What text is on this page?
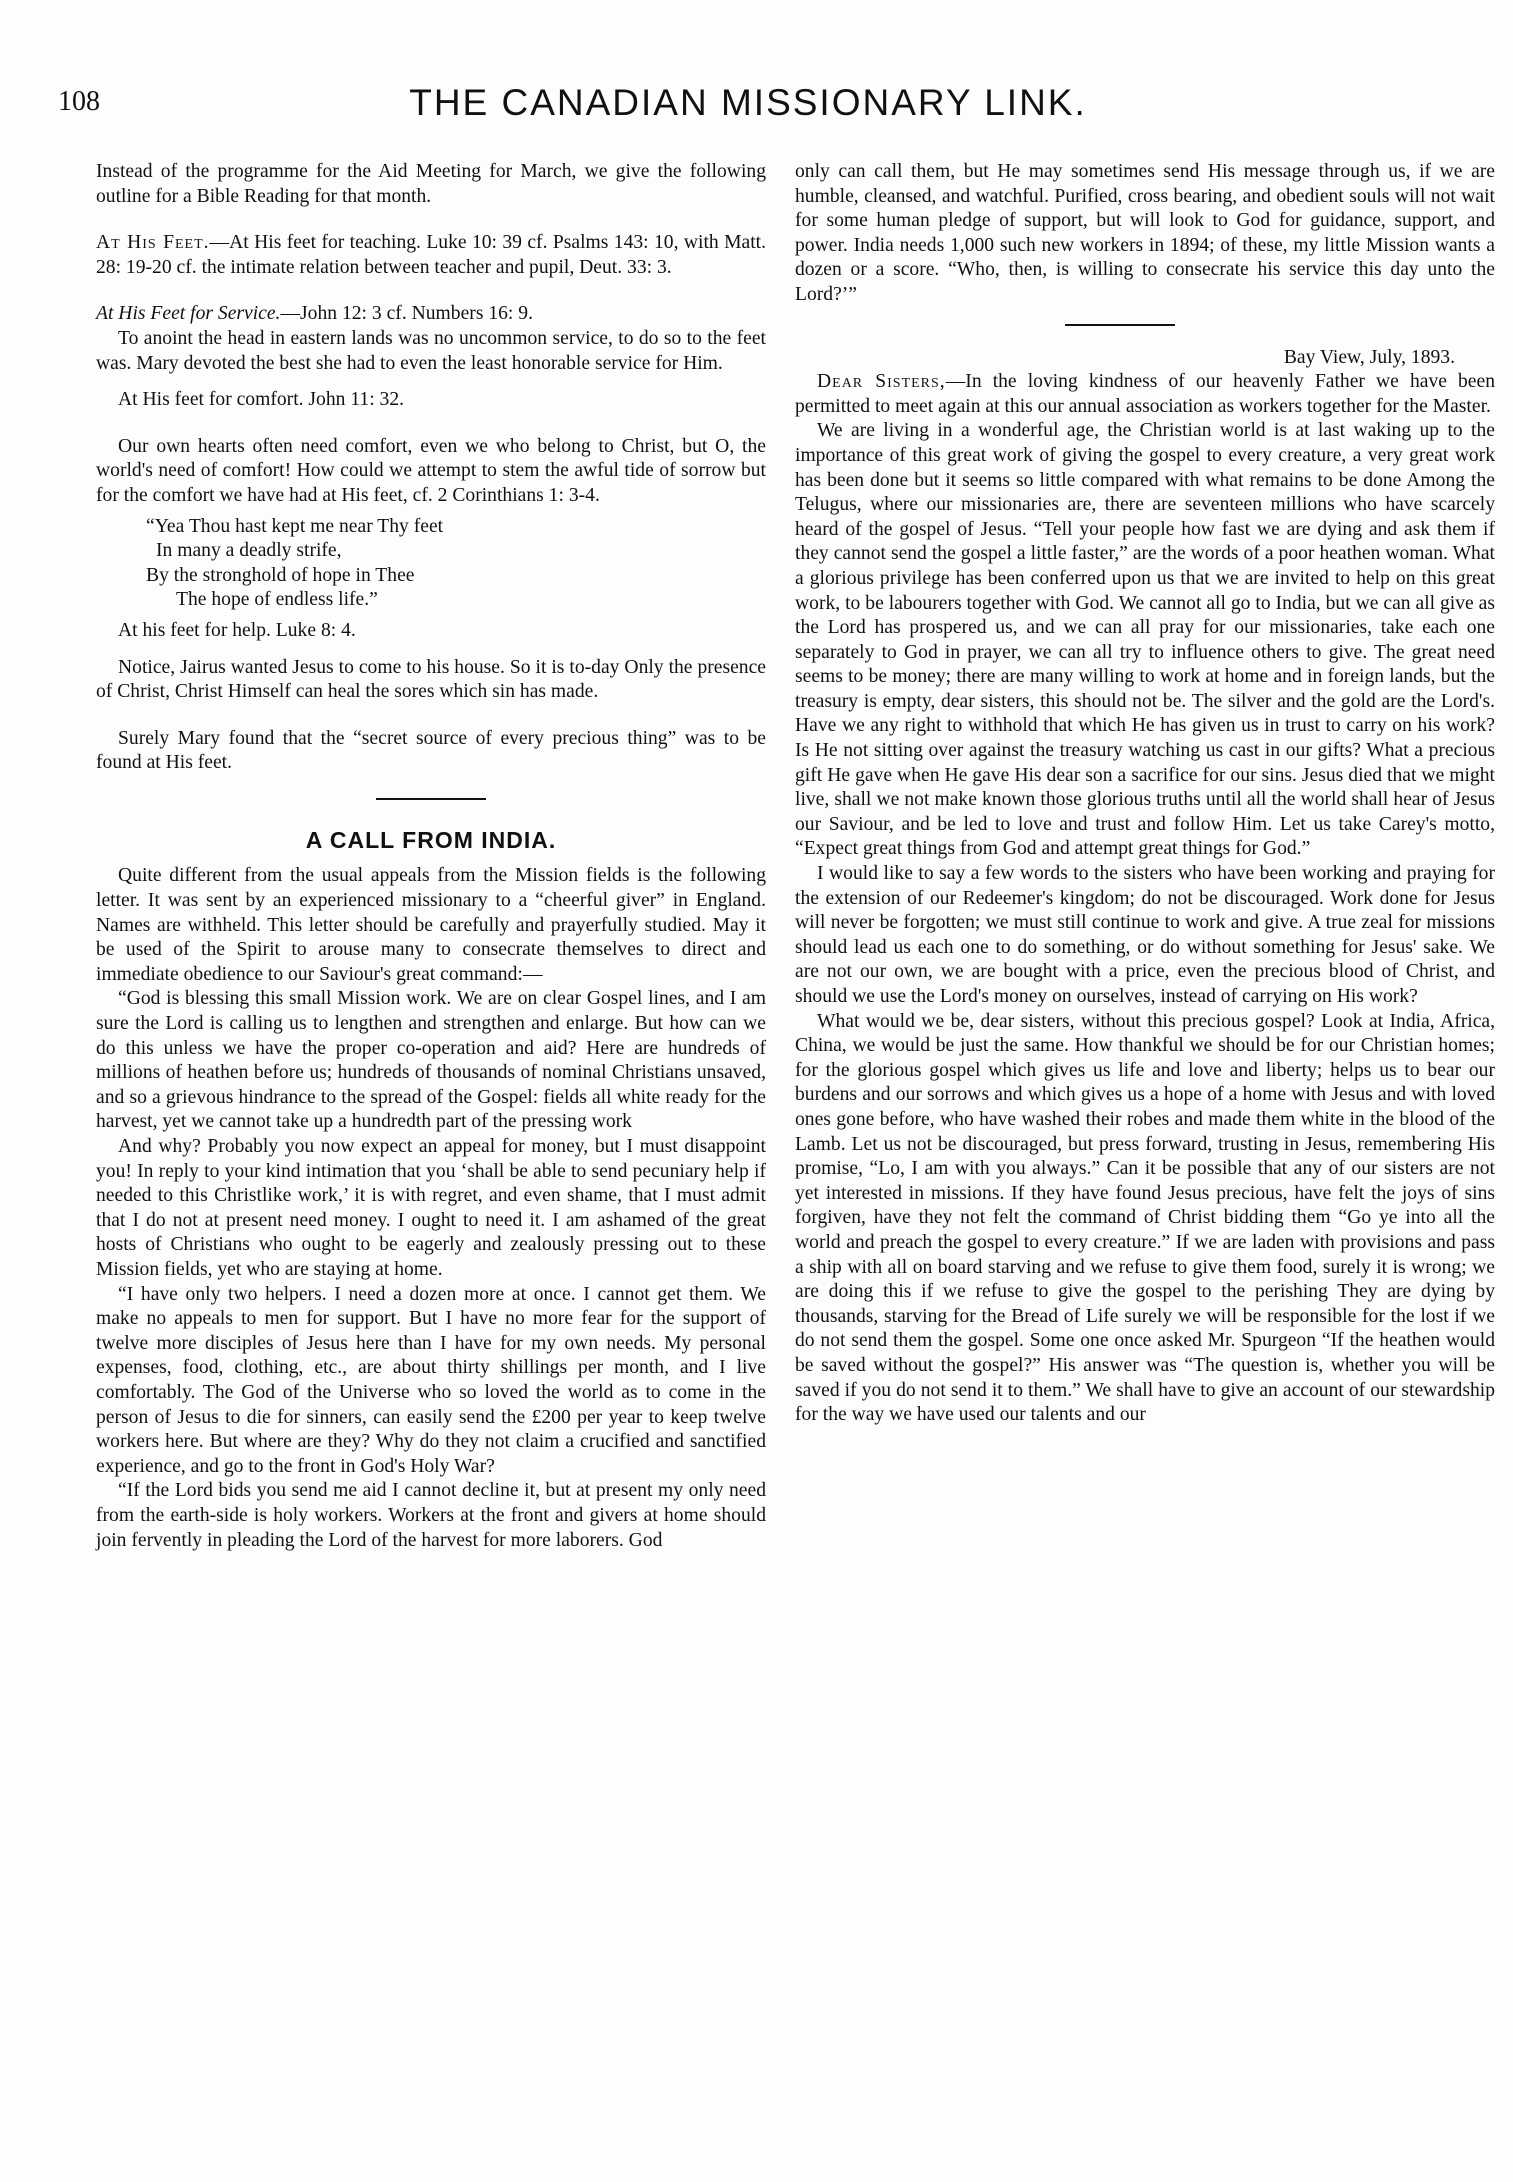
108	THE CANADIAN MISSIONARY LINK.

Instead of the programme for the Aid Meeting for March, we give the following outline for a Bible Reading for that month.

At His Feet.—At His feet for teaching. Luke 10: 39 cf. Psalms 143: 10, with Matt. 28: 19-20 cf. the intimate relation between teacher and pupil, Deut. 33: 3.

At His Feet for Service.—John 12: 3 cf. Numbers 16: 9.

To anoint the head in eastern lands was no uncommon service, to do so to the feet was. Mary devoted the best she had to even the least honorable service for Him.

At His feet for comfort. John 11: 32.

Our own hearts often need comfort, even we who belong to Christ, but O, the world's need of comfort! How could we attempt to stem the awful tide of sorrow but for the comfort we have had at His feet, cf. 2 Corinthians 1: 3-4.

“Yea Thou hast kept me near Thy feet
In many a deadly strife,
By the stronghold of hope in Thee
The hope of endless life.”

At his feet for help. Luke 8: 4.

Notice, Jairus wanted Jesus to come to his house. So it is to-day Only the presence of Christ, Christ Himself can heal the sores which sin has made.

Surely Mary found that the “secret source of every precious thing” was to be found at His feet.

A CALL FROM INDIA.

Quite different from the usual appeals from the Mission fields is the following letter. It was sent by an experienced missionary to a “cheerful giver” in England. Names are withheld. This letter should be carefully and prayerfully studied. May it be used of the Spirit to arouse many to consecrate themselves to direct and immediate obedience to our Saviour's great command:—

“God is blessing this small Mission work. We are on clear Gospel lines, and I am sure the Lord is calling us to lengthen and strengthen and enlarge. But how can we do this unless we have the proper co-operation and aid? Here are hundreds of millions of heathen before us; hundreds of thousands of nominal Christians unsaved, and so a grievous hindrance to the spread of the Gospel: fields all white ready for the harvest, yet we cannot take up a hundredth part of the pressing work

And why? Probably you now expect an appeal for money, but I must disappoint you! In reply to your kind intimation that you ‘shall be able to send pecuniary help if needed to this Christlike work,’ it is with regret, and even shame, that I must admit that I do not at present need money. I ought to need it. I am ashamed of the great hosts of Christians who ought to be eagerly and zealously pressing out to these Mission fields, yet who are staying at home.

“I have only two helpers. I need a dozen more at once. I cannot get them. We make no appeals to men for support. But I have no more fear for the support of twelve more disciples of Jesus here than I have for my own needs. My personal expenses, food, clothing, etc., are about thirty shillings per month, and I live comfortably. The God of the Universe who so loved the world as to come in the person of Jesus to die for sinners, can easily send the £200 per year to keep twelve workers here. But where are they? Why do they not claim a crucified and sanctified experience, and go to the front in God's Holy War?

“If the Lord bids you send me aid I cannot decline it, but at present my only need from the earth-side is holy workers. Workers at the front and givers at home should join fervently in pleading the Lord of the harvest for more laborers. God

only can call them, but He may sometimes send His message through us, if we are humble, cleansed, and watchful. Purified, cross bearing, and obedient souls will not wait for some human pledge of support, but will look to God for guidance, support, and power. India needs 1,000 such new workers in 1894; of these, my little Mission wants a dozen or a score. “Who, then, is willing to consecrate his service this day unto the Lord?’”

Bay View, July, 1893.

Dear Sisters,—In the loving kindness of our heavenly Father we have been permitted to meet again at this our annual association as workers together for the Master.

We are living in a wonderful age, the Christian world is at last waking up to the importance of this great work of giving the gospel to every creature, a very great work has been done but it seems so little compared with what remains to be done Among the Telugus, where our missionaries are, there are seventeen millions who have scarcely heard of the gospel of Jesus. “Tell your people how fast we are dying and ask them if they cannot send the gospel a little faster,” are the words of a poor heathen woman. What a glorious privilege has been conferred upon us that we are invited to help on this great work, to be labourers together with God. We cannot all go to India, but we can all give as the Lord has prospered us, and we can all pray for our missionaries, take each one separately to God in prayer, we can all try to influence others to give. The great need seems to be money; there are many willing to work at home and in foreign lands, but the treasury is empty, dear sisters, this should not be. The silver and the gold are the Lord's. Have we any right to withhold that which He has given us in trust to carry on his work? Is He not sitting over against the treasury watching us cast in our gifts? What a precious gift He gave when He gave His dear son a sacrifice for our sins. Jesus died that we might live, shall we not make known those glorious truths until all the world shall hear of Jesus our Saviour, and be led to love and trust and follow Him. Let us take Carey's motto, “Expect great things from God and attempt great things for God.”

I would like to say a few words to the sisters who have been working and praying for the extension of our Redeemer's kingdom; do not be discouraged. Work done for Jesus will never be forgotten; we must still continue to work and give. A true zeal for missions should lead us each one to do something, or do without something for Jesus' sake. We are not our own, we are bought with a price, even the precious blood of Christ, and should we use the Lord's money on ourselves, instead of carrying on His work?

What would we be, dear sisters, without this precious gospel? Look at India, Africa, China, we would be just the same. How thankful we should be for our Christian homes; for the glorious gospel which gives us life and love and liberty; helps us to bear our burdens and our sorrows and which gives us a hope of a home with Jesus and with loved ones gone before, who have washed their robes and made them white in the blood of the Lamb. Let us not be discouraged, but press forward, trusting in Jesus, remembering His promise, “Lo, I am with you always.” Can it be possible that any of our sisters are not yet interested in missions. If they have found Jesus precious, have felt the joys of sins forgiven, have they not felt the command of Christ bidding them “Go ye into all the world and preach the gospel to every creature.” If we are laden with provisions and pass a ship with all on board starving and we refuse to give them food, surely it is wrong; we are doing this if we refuse to give the gospel to the perishing They are dying by thousands, starving for the Bread of Life surely we will be responsible for the lost if we do not send them the gospel. Some one once asked Mr. Spurgeon “If the heathen would be saved without the gospel?” His answer was “The question is, whether you will be saved if you do not send it to them.” We shall have to give an account of our stewardship for the way we have used our talents and our
